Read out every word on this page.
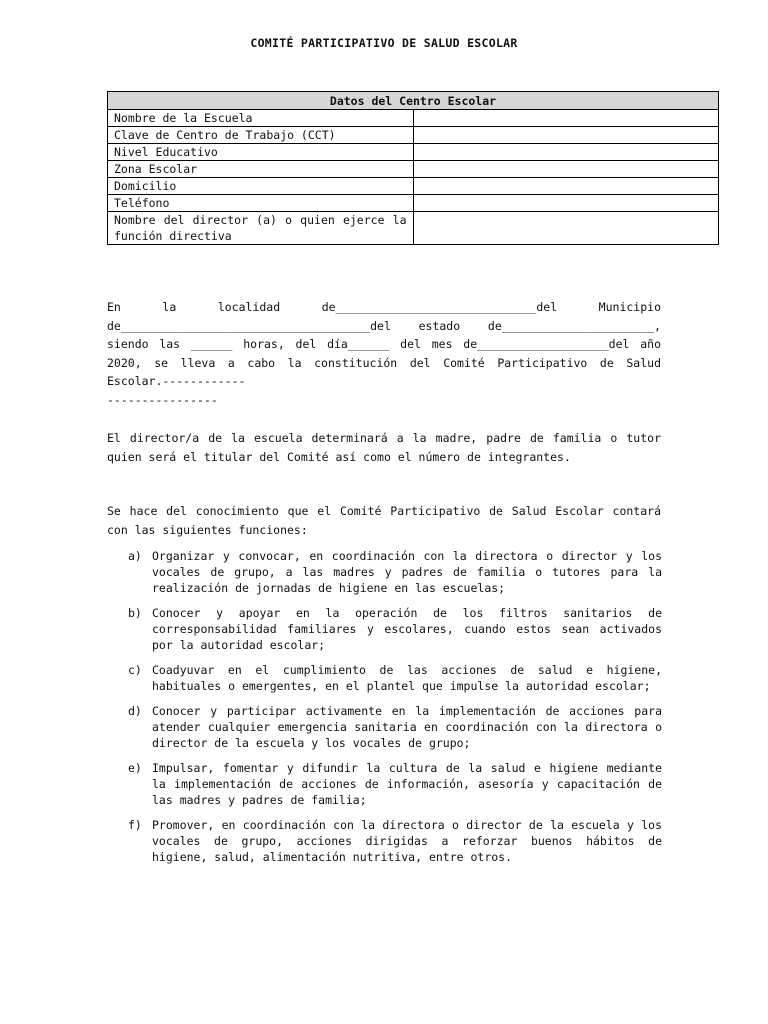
COMITÉ PARTICIPATIVO DE SALUD ESCOLAR
Datos del Centro Escolar	
Nombre de la Escuela	
Clave de Centro de Trabajo (CCT)	
Nivel Educativo	
Zona Escolar	
Domicilio	
Teléfono	
Nombre del director (a) o quien ejerce la función directiva	
En la localidad de_____________________________del Municipio de____________________________________del estado de______________________, siendo las ______ horas, del día______ del mes de___________________del año 2020, se lleva a cabo la constitución del Comité Participativo de Salud Escolar.------------
----------------
El director/a de la escuela determinará a la madre, padre de familia o tutor quien será el titular del Comité así como el número de integrantes.
Se hace del conocimiento que el Comité Participativo de Salud Escolar contará con las siguientes funciones:
a) Organizar y convocar, en coordinación con la directora o director y los vocales de grupo, a las madres y padres de familia o tutores para la realización de jornadas de higiene en las escuelas;
b) Conocer y apoyar en la operación de los filtros sanitarios de corresponsabilidad familiares y escolares, cuando estos sean activados por la autoridad escolar;
c) Coadyuvar en el cumplimiento de las acciones de salud e higiene, habituales o emergentes, en el plantel que impulse la autoridad escolar;
d) Conocer y participar activamente en la implementación de acciones para atender cualquier emergencia sanitaria en coordinación con la directora o director de la escuela y los vocales de grupo;
e) Impulsar, fomentar y difundir la cultura de la salud e higiene mediante la implementación de acciones de información, asesoría y capacitación de las madres y padres de familia;
f) Promover, en coordinación con la directora o director de la escuela y los vocales de grupo, acciones dirigidas a reforzar buenos hábitos de higiene, salud, alimentación nutritiva, entre otros.
